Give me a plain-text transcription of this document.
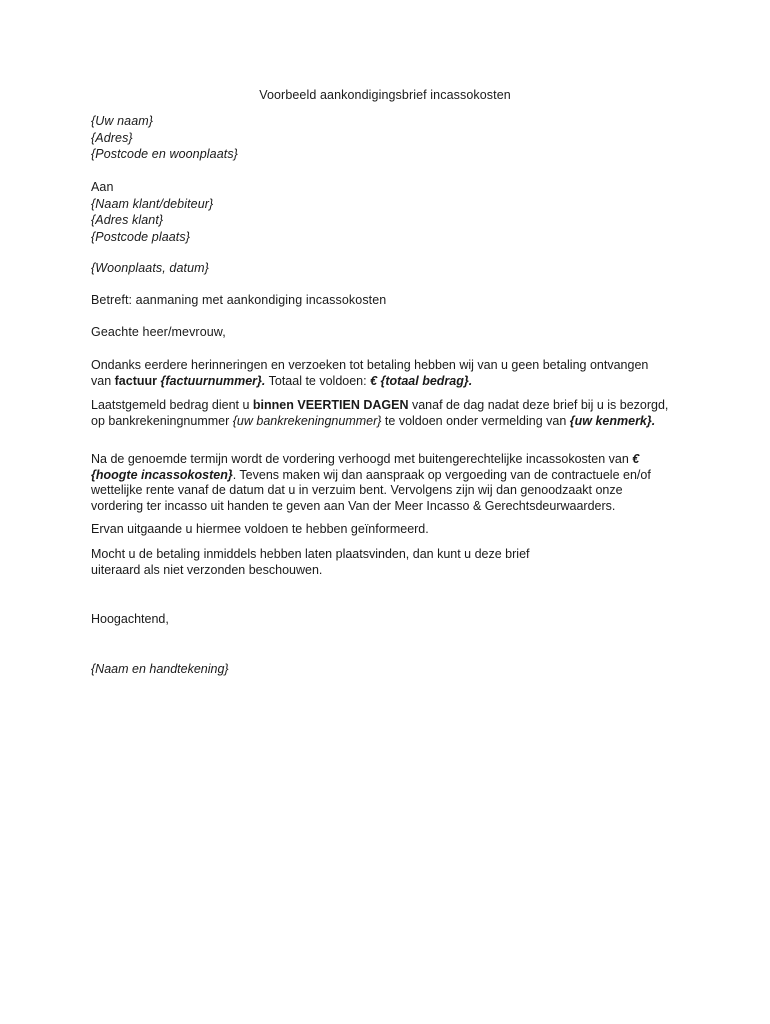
Voorbeeld aankondigingsbrief incassokosten
{Uw naam}
{Adres}
{Postcode en woonplaats}
Aan
{Naam klant/debiteur}
{Adres klant}
{Postcode plaats}
{Woonplaats, datum}
Betreft: aanmaning met aankondiging incassokosten
Geachte heer/mevrouw,
Ondanks eerdere herinneringen en verzoeken tot betaling hebben wij van u geen betaling ontvangen
van factuur {factuurnummer}. Totaal te voldoen: € {totaal bedrag}.
Laatstgemeld bedrag dient u binnen VEERTIEN DAGEN vanaf de dag nadat deze brief bij u is bezorgd, op bankrekeningnummer {uw bankrekeningnummer} te voldoen onder vermelding van {uw kenmerk}.
Na de genoemde termijn wordt de vordering verhoogd met buitengerechtelijke incassokosten van € {hoogte incassokosten}. Tevens maken wij dan aanspraak op vergoeding van de contractuele en/of wettelijke rente vanaf de datum dat u in verzuim bent. Vervolgens zijn wij dan genoodzaakt onze vordering ter incasso uit handen te geven aan Van der Meer Incasso & Gerechtsdeurwaarders.
Ervan uitgaande u hiermee voldoen te hebben geïnformeerd.
Mocht u de betaling inmiddels hebben laten plaatsvinden, dan kunt u deze brief
uiteraard als niet verzonden beschouwen.
Hoogachtend,
{Naam en handtekening}
